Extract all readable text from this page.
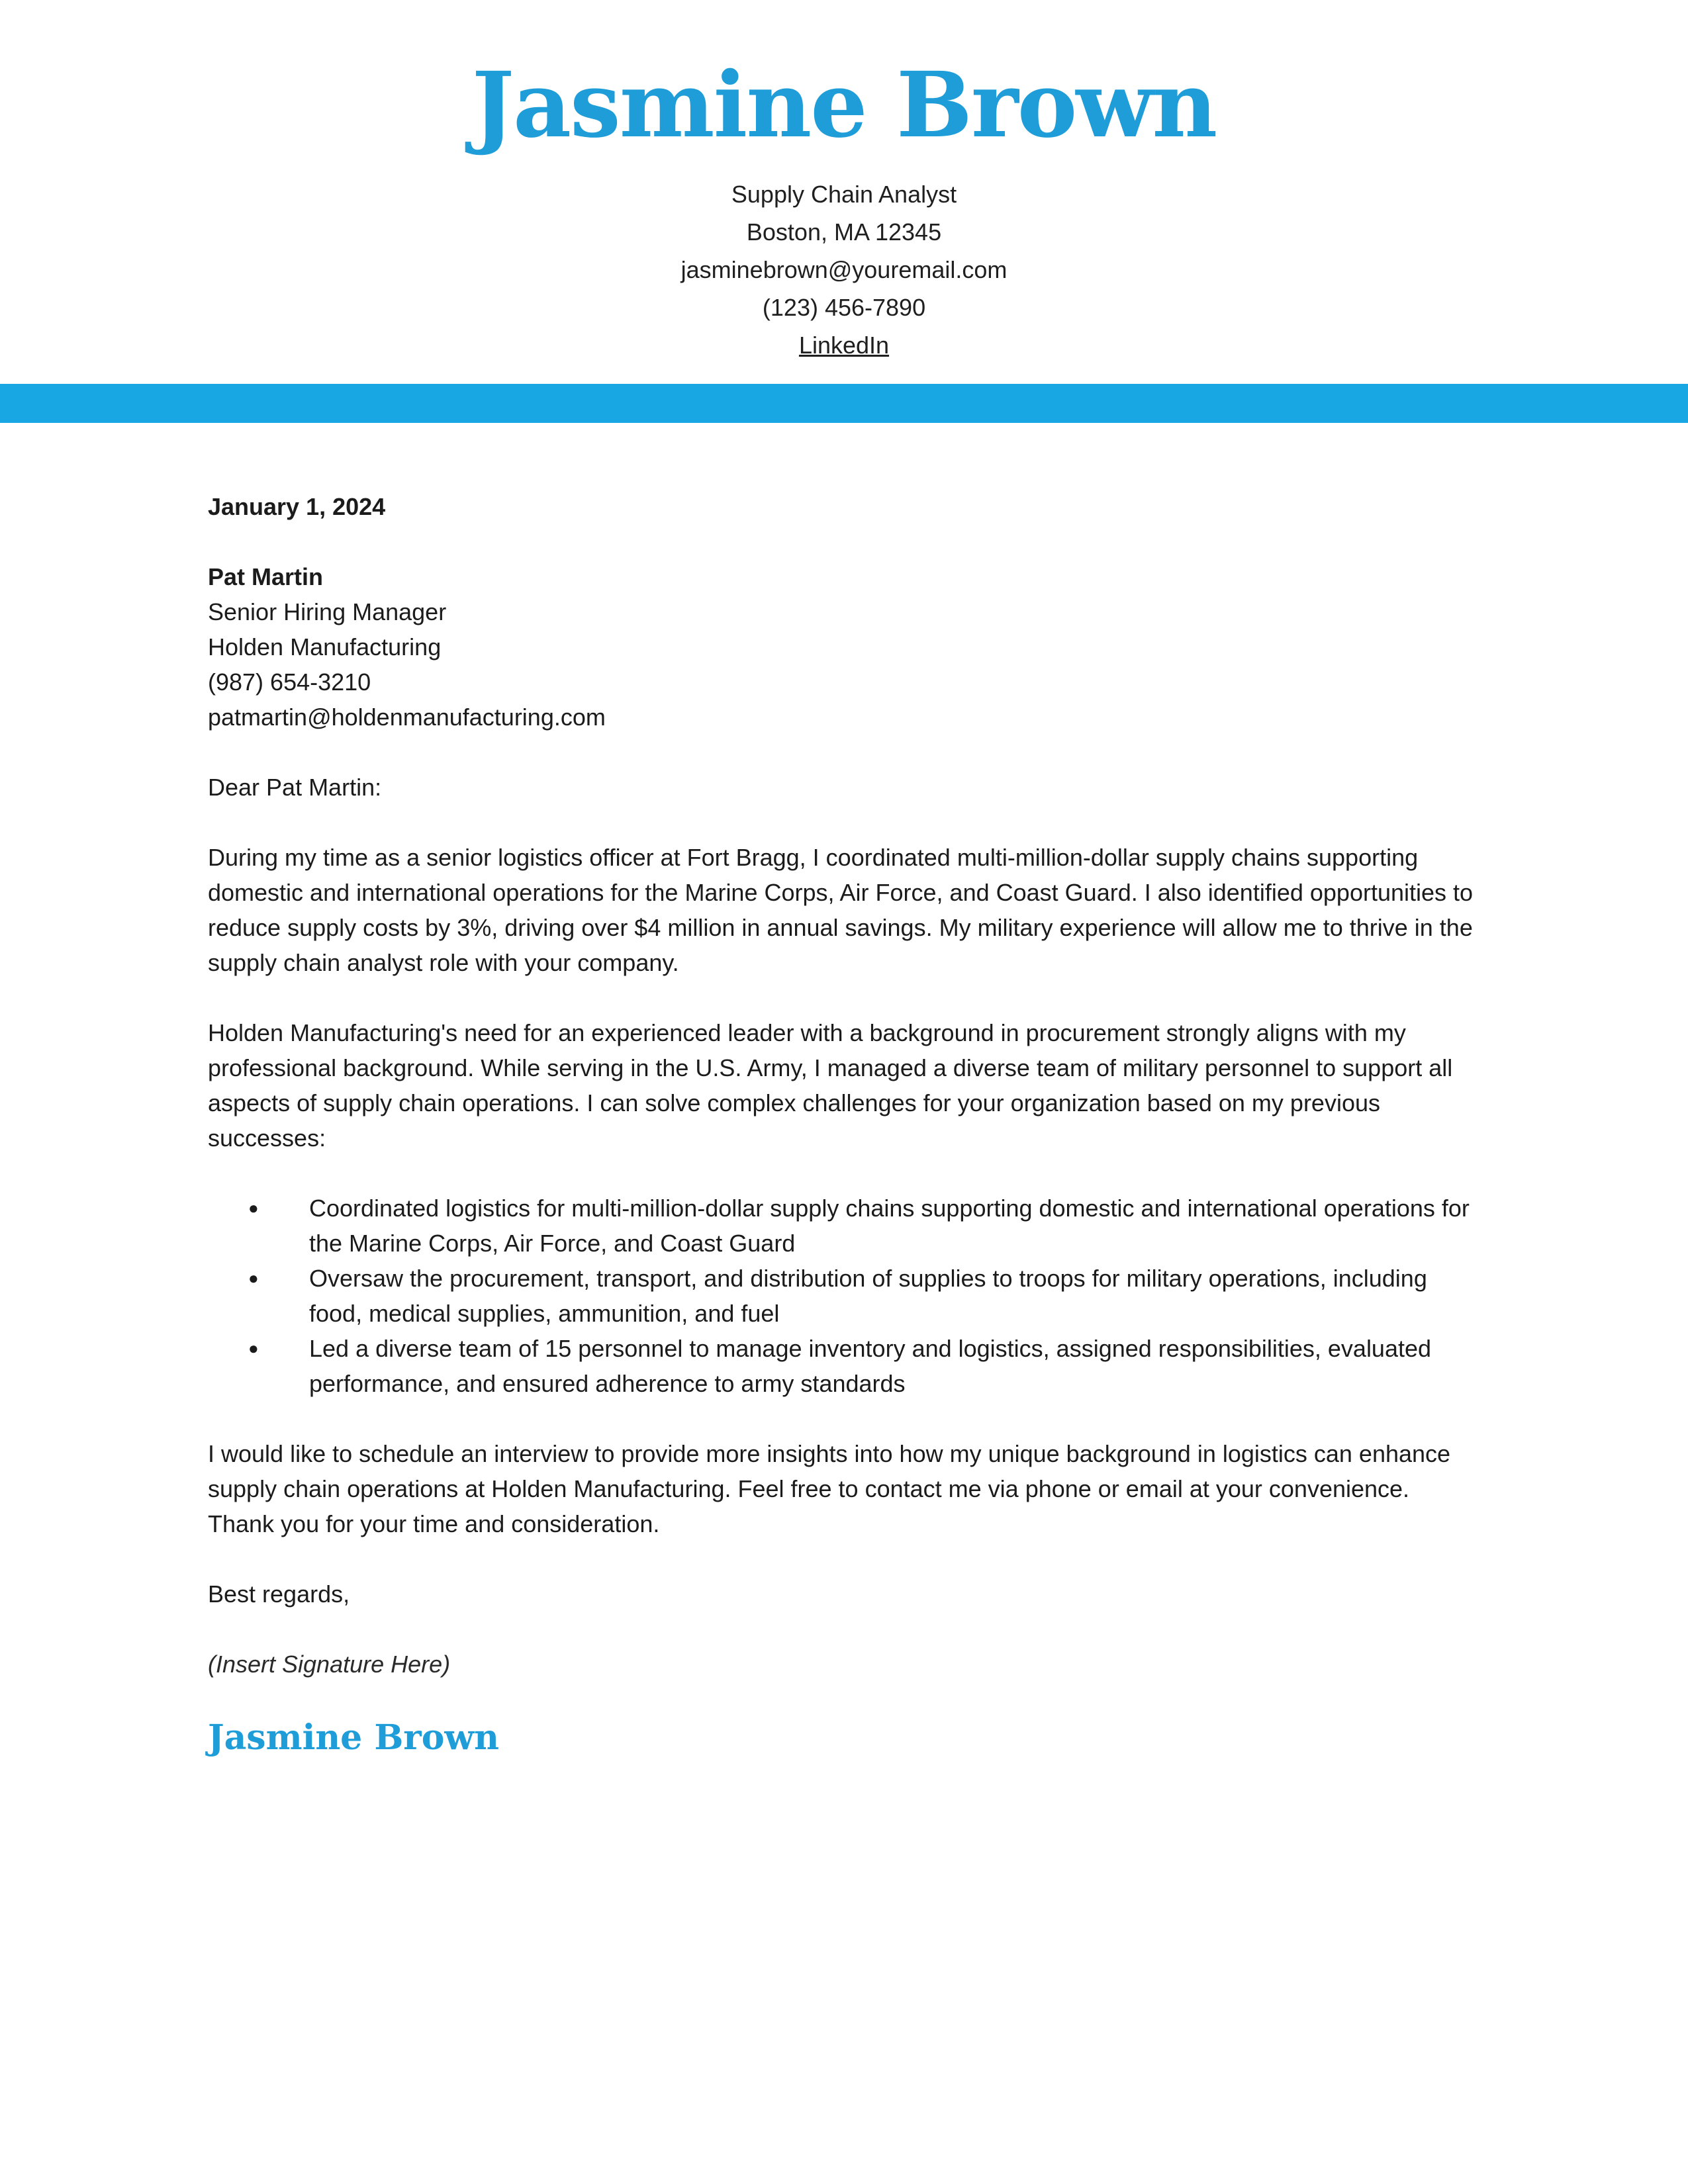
Jasmine Brown
Supply Chain Analyst
Boston, MA 12345
jasminebrown@youremail.com
(123) 456-7890
LinkedIn
January 1, 2024
Pat Martin
Senior Hiring Manager
Holden Manufacturing
(987) 654-3210
patmartin@holdenmanufacturing.com
Dear Pat Martin:

During my time as a senior logistics officer at Fort Bragg, I coordinated multi-million-dollar supply chains supporting domestic and international operations for the Marine Corps, Air Force, and Coast Guard. I also identified opportunities to reduce supply costs by 3%, driving over $4 million in annual savings. My military experience will allow me to thrive in the supply chain analyst role with your company.

Holden Manufacturing's need for an experienced leader with a background in procurement strongly aligns with my professional background. While serving in the U.S. Army, I managed a diverse team of military personnel to support all aspects of supply chain operations. I can solve complex challenges for your organization based on my previous successes:

● Coordinated logistics for multi-million-dollar supply chains supporting domestic and international operations for the Marine Corps, Air Force, and Coast Guard
● Oversaw the procurement, transport, and distribution of supplies to troops for military operations, including food, medical supplies, ammunition, and fuel
● Led a diverse team of 15 personnel to manage inventory and logistics, assigned responsibilities, evaluated performance, and ensured adherence to army standards

I would like to schedule an interview to provide more insights into how my unique background in logistics can enhance supply chain operations at Holden Manufacturing. Feel free to contact me via phone or email at your convenience. Thank you for your time and consideration.

Best regards,
(Insert Signature Here)
Jasmine Brown
